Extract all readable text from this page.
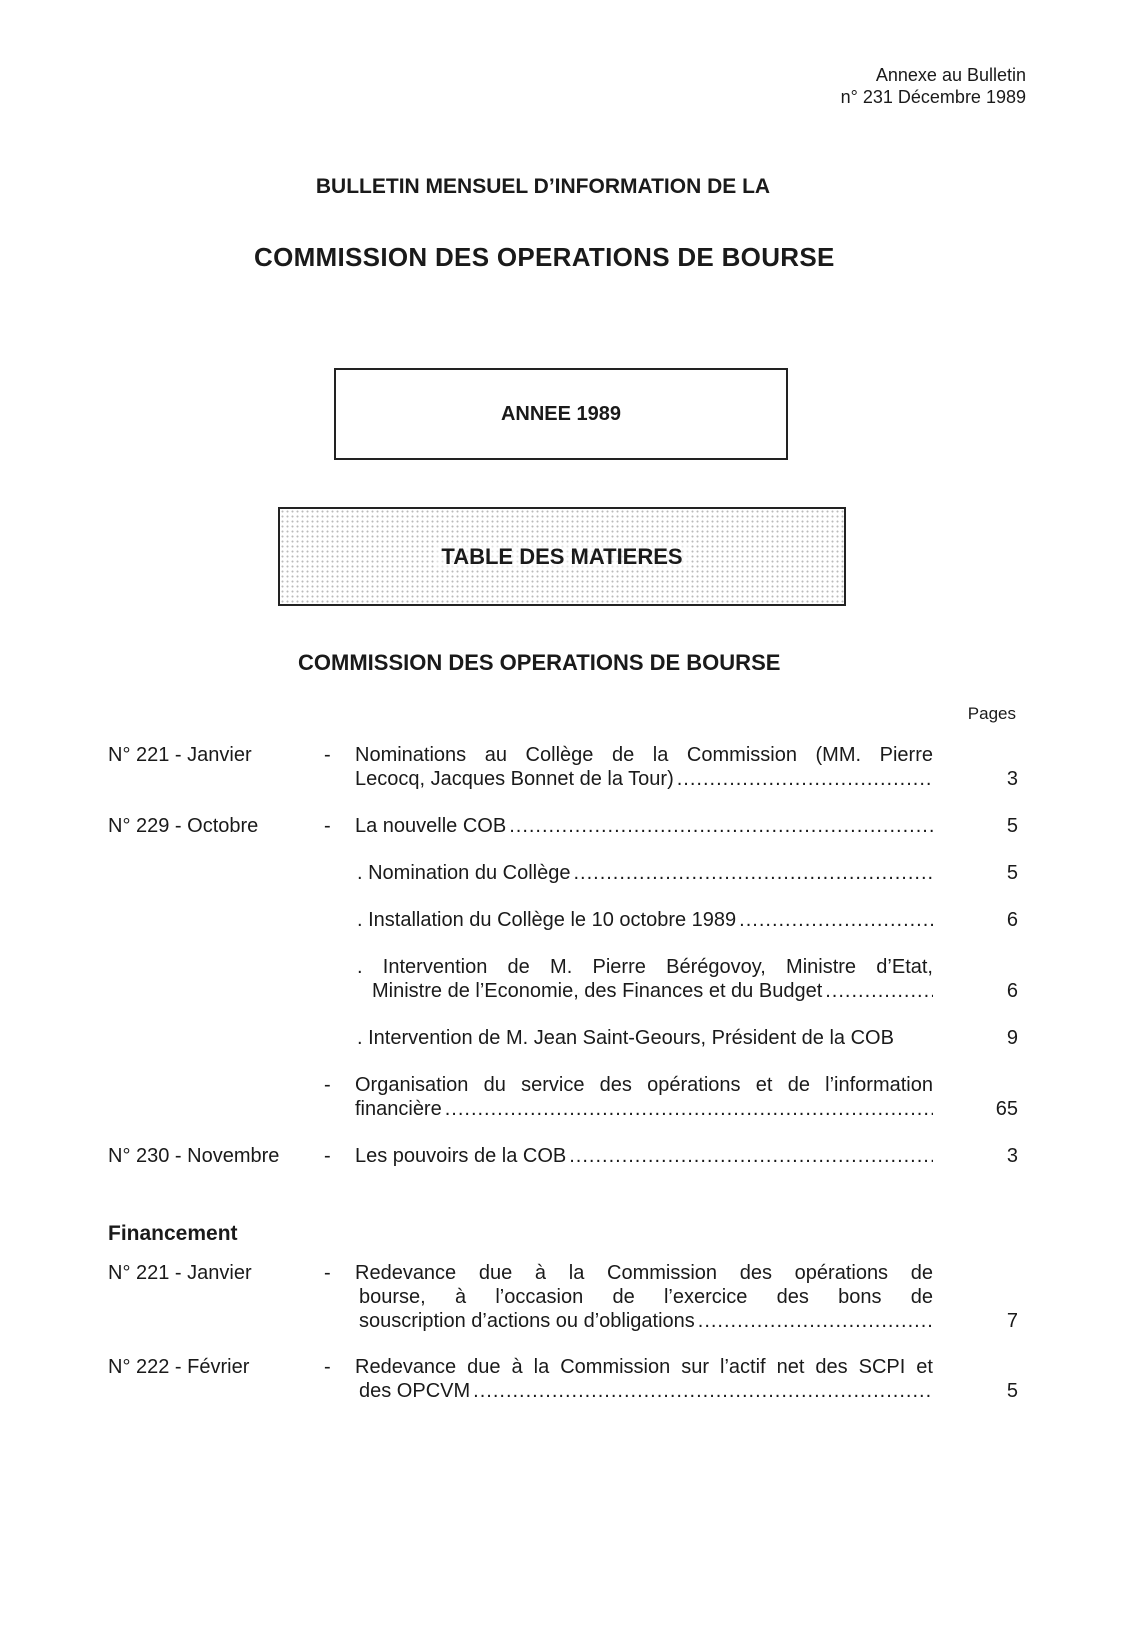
Annexe au Bulletin
n° 231 Décembre 1989
BULLETIN MENSUEL D’INFORMATION DE LA
COMMISSION DES OPERATIONS DE BOURSE
ANNEE 1989
TABLE DES MATIERES
COMMISSION DES OPERATIONS DE BOURSE
Pages
N° 221 - Janvier	- Nominations au Collège de la Commission (MM. Pierre
Lecocq, Jacques Bonnet de la Tour) .....	3
N° 229 - Octobre	- La nouvelle COB .....	5
. Nomination du Collège .....	5
. Installation du Collège le 10 octobre 1989 .....	6
. Intervention de M. Pierre Bérégovoy, Ministre d’Etat,
Ministre de l’Economie, des Finances et du Budget .....	6
. Intervention de M. Jean Saint-Geours, Président de la COB	9
- Organisation du service des opérations et de l’information
financière .....	65
N° 230 - Novembre - Les pouvoirs de la COB .....	3
Financement
N° 221 - Janvier	- Redevance due à la Commission des opérations de
bourse, à l’occasion de l’exercice des bons de
souscription d’actions ou d’obligations .....	7
N° 222 - Février	- Redevance due à la Commission sur l’actif net des SCPI et
des OPCVM .....	5
